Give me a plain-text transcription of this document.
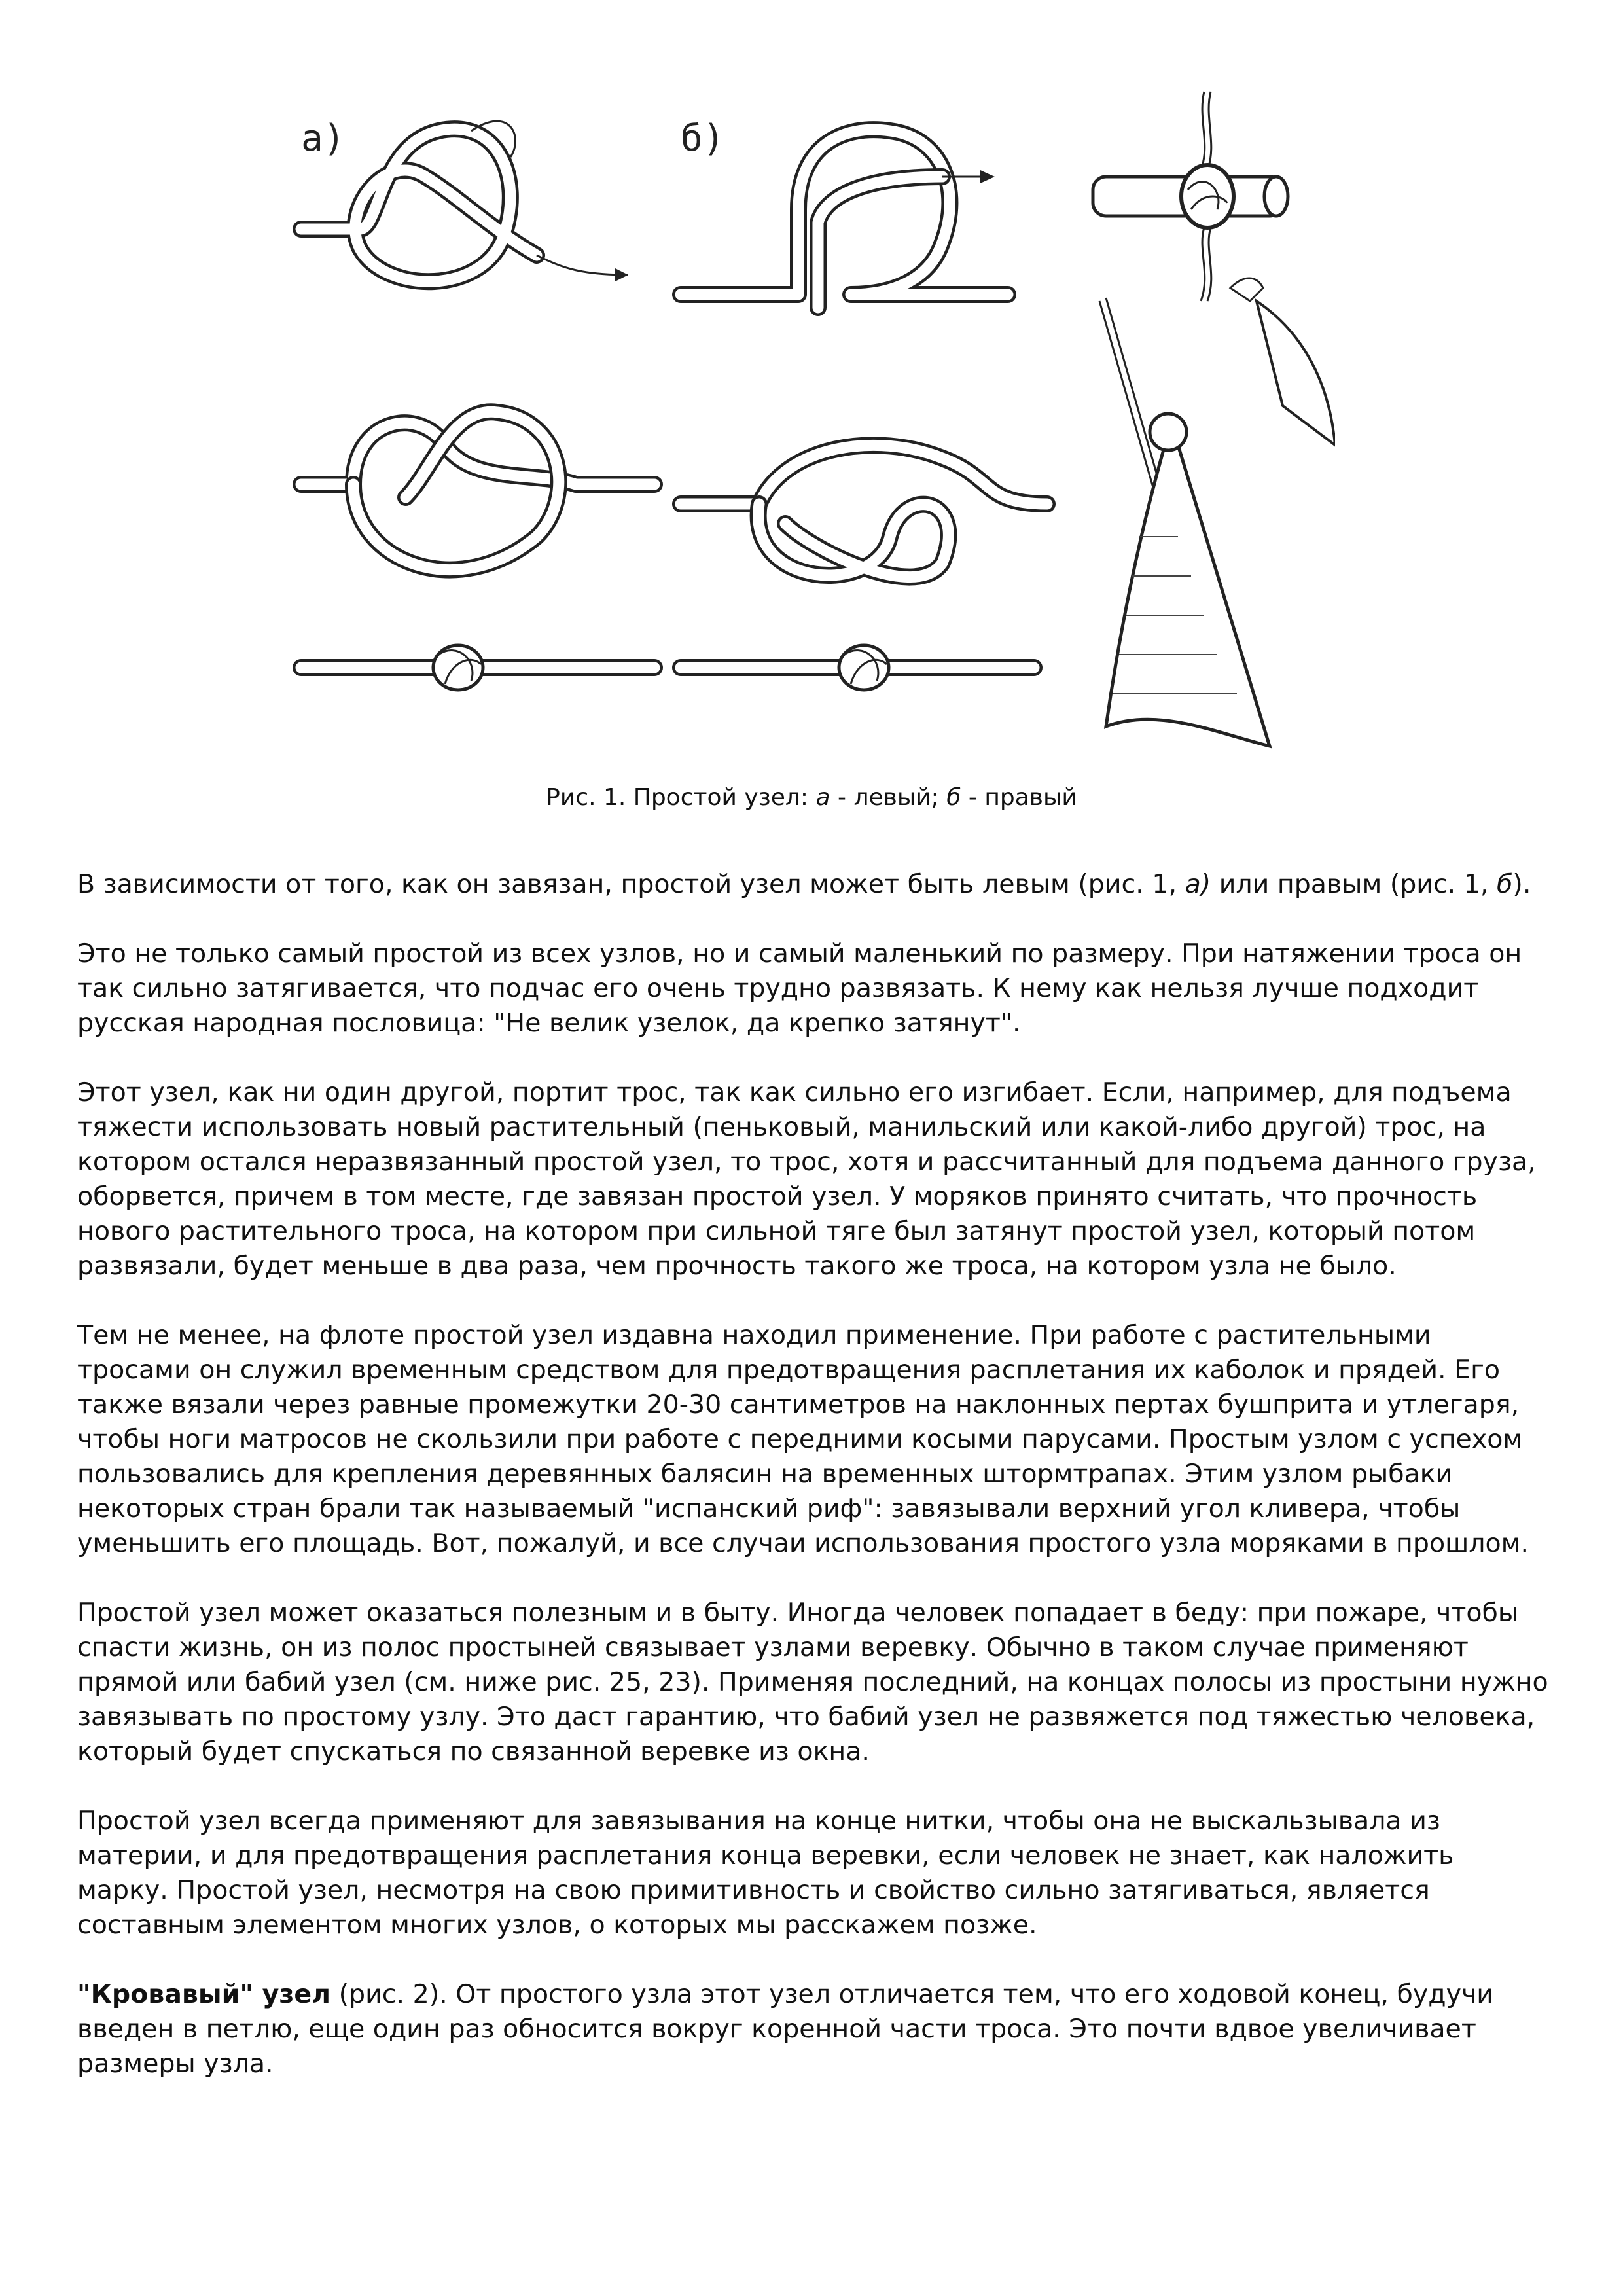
а)	б)
Рис. 1. Простой узел: а - левый; б - правый

В зависимости от того, как он завязан, простой узел может быть левым (рис. 1, а) или правым (рис. 1, б).

Это не только самый простой из всех узлов, но и самый маленький по размеру. При натяжении троса он так сильно затягивается, что подчас его очень трудно развязать. К нему как нельзя лучше подходит русская народная пословица: "Не велик узелок, да крепко затянут".

Этот узел, как ни один другой, портит трос, так как сильно его изгибает. Если, например, для подъема тяжести использовать новый растительный (пеньковый, манильский или какой-либо другой) трос, на котором остался неразвязанный простой узел, то трос, хотя и рассчитанный для подъема данного груза, оборвется, причем в том месте, где завязан простой узел. У моряков принято считать, что прочность нового растительного троса, на котором при сильной тяге был затянут простой узел, который потом развязали, будет меньше в два раза, чем прочность такого же троса, на котором узла не было.

Тем не менее, на флоте простой узел издавна находил применение. При работе с растительными тросами он служил временным средством для предотвращения расплетания их каболок и прядей. Его также вязали через равные промежутки 20-30 сантиметров на наклонных пертах бушприта и утлегаря, чтобы ноги матросов не скользили при работе с передними косыми парусами. Простым узлом с успехом пользовались для крепления деревянных балясин на временных штормтрапах. Этим узлом рыбаки некоторых стран брали так называемый "испанский риф": завязывали верхний угол кливера, чтобы уменьшить его площадь. Вот, пожалуй, и все случаи использования простого узла моряками в прошлом.

Простой узел может оказаться полезным и в быту. Иногда человек попадает в беду: при пожаре, чтобы спасти жизнь, он из полос простыней связывает узлами веревку. Обычно в таком случае применяют прямой или бабий узел (см. ниже рис. 25, 23). Применяя последний, на концах полосы из простыни нужно завязывать по простому узлу. Это даст гарантию, что бабий узел не развяжется под тяжестью человека, который будет спускаться по связанной веревке из окна.

Простой узел всегда применяют для завязывания на конце нитки, чтобы она не выскальзывала из материи, и для предотвращения расплетания конца веревки, если человек не знает, как наложить марку. Простой узел, несмотря на свою примитивность и свойство сильно затягиваться, является составным элементом многих узлов, о которых мы расскажем позже.

"Кровавый" узел (рис. 2). От простого узла этот узел отличается тем, что его ходовой конец, будучи введен в петлю, еще один раз обносится вокруг коренной части троса. Это почти вдвое увеличивает размеры узла.
